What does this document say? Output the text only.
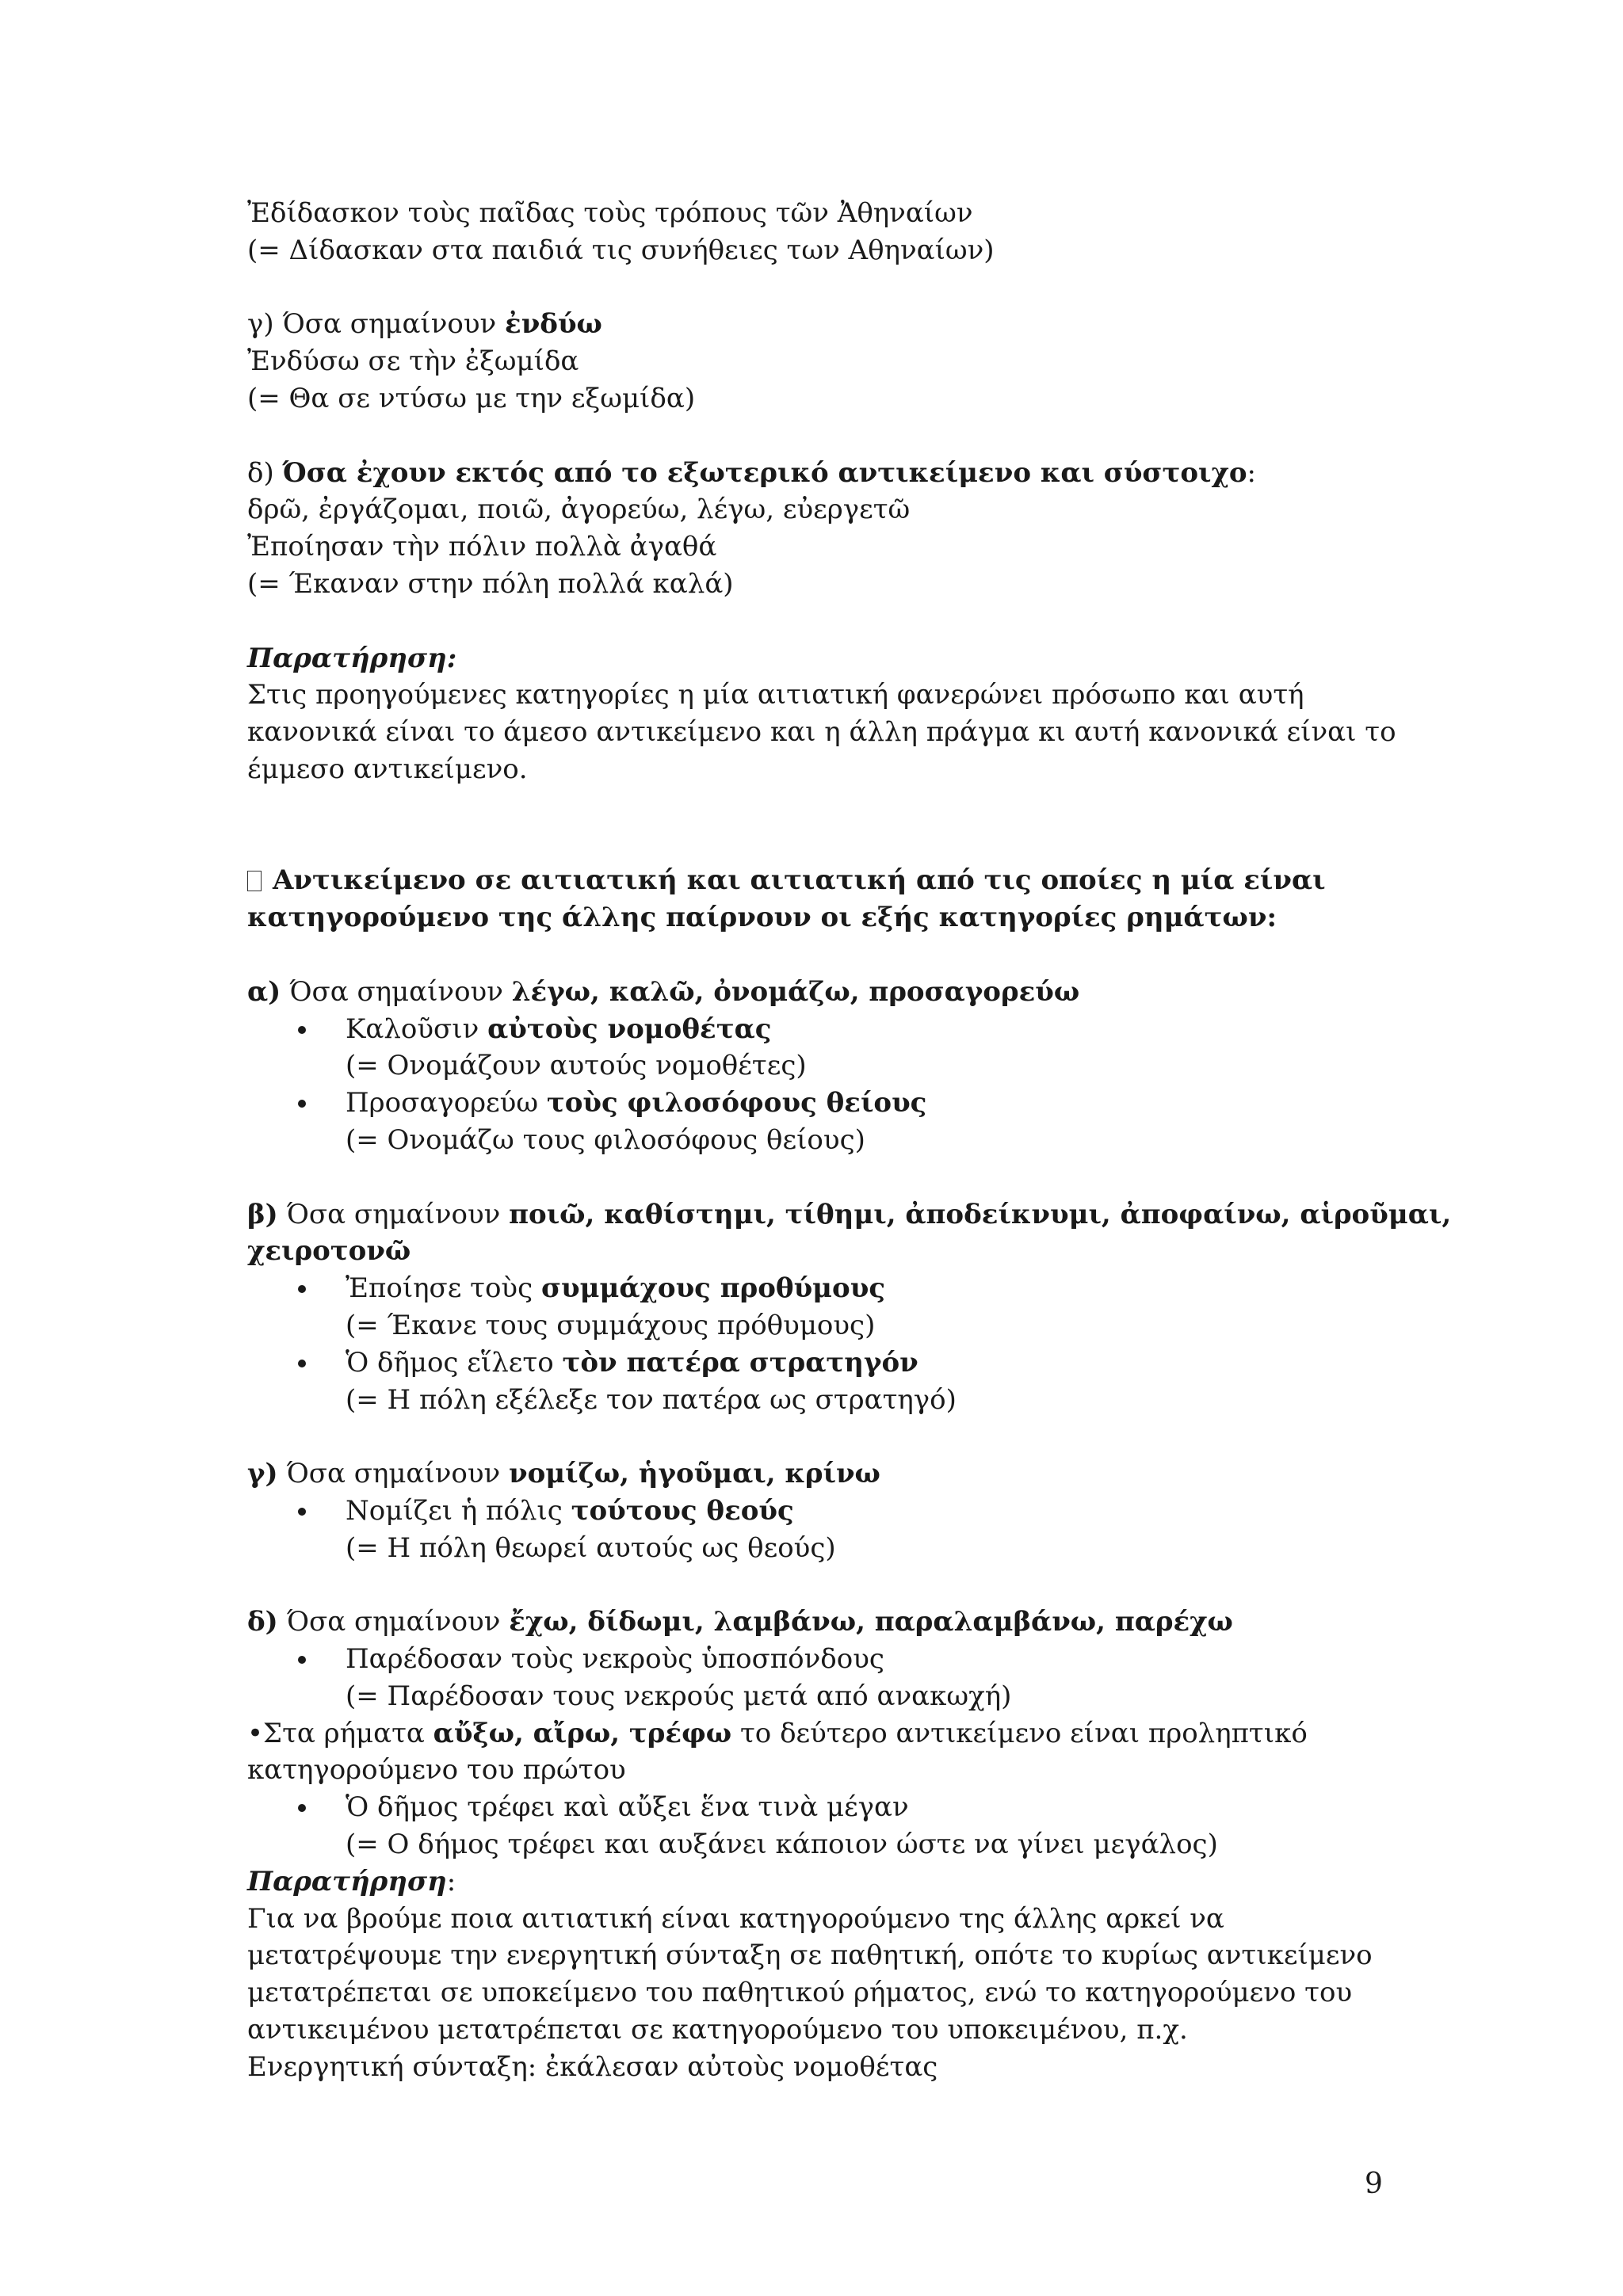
Ἐδίδασκον τοὺς παῖδας τοὺς τρόπους τῶν Ἀθηναίων
(= Δίδασκαν στα παιδιά τις συνήθειες των Αθηναίων)
γ) Όσα σημαίνουν ἐνδύω
Ἐνδύσω σε τὴν ἐξωμίδα
(= Θα σε ντύσω με την εξωμίδα)
δ) Όσα ἐχουν εκτός από το εξωτερικό αντικείμενο και σύστοιχο:
δρῶ, ἐργάζομαι, ποιῶ, ἀγορεύω, λέγω, εὐεργετῶ
Ἐποίησαν τὴν πόλιν πολλὰ ἀγαθά
(= Έκαναν στην πόλη πολλά καλά)
Παρατήρηση:
Στις προηγούμενες κατηγορίες η μία αιτιατική φανερώνει πρόσωπο και αυτή
κανονικά είναι το άμεσο αντικείμενο και η άλλη πράγμα κι αυτή κανονικά είναι το
έμμεσο αντικείμενο.
Αντικείμενο σε αιτιατική και αιτιατική από τις οποίες η μία είναι
κατηγορούμενο της άλλης παίρνουν οι εξής κατηγορίες ρημάτων:
α) Όσα σημαίνουν λέγω, καλῶ, ὀνομάζω, προσαγορεύω
Καλοῦσιν αὐτοὺς νομοθέτας
(= Ονομάζουν αυτούς νομοθέτες)
Προσαγορεύω τοὺς φιλοσόφους θείους
(= Ονομάζω τους φιλοσόφους θείους)
β) Όσα σημαίνουν ποιῶ, καθίστημι, τίθημι, ἀποδείκνυμι, ἀποφαίνω, αἱροῦμαι,
χειροτονῶ
Ἐποίησε τοὺς συμμάχους προθύμους
(= Έκανε τους συμμάχους πρόθυμους)
Ὁ δῆμος εἵλετο τὸν πατέρα στρατηγόν
(= Η πόλη εξέλεξε τον πατέρα ως στρατηγό)
γ) Όσα σημαίνουν νομίζω, ἡγοῦμαι, κρίνω
Νομίζει ἡ πόλις τούτους θεούς
(= Η πόλη θεωρεί αυτούς ως θεούς)
δ) Όσα σημαίνουν ἔχω, δίδωμι, λαμβάνω, παραλαμβάνω, παρέχω
Παρέδοσαν τοὺς νεκροὺς ὑποσπόνδους
(= Παρέδοσαν τους νεκρούς μετά από ανακωχή)
•Στα ρήματα αὔξω, αἴρω, τρέφω το δεύτερο αντικείμενο είναι προληπτικό
κατηγορούμενο του πρώτου
Ὁ δῆμος τρέφει καὶ αὔξει ἕνα τινὰ μέγαν
(= Ο δήμος τρέφει και αυξάνει κάποιον ώστε να γίνει μεγάλος)
Παρατήρηση:
Για να βρούμε ποια αιτιατική είναι κατηγορούμενο της άλλης αρκεί να
μετατρέψουμε την ενεργητική σύνταξη σε παθητική, οπότε το κυρίως αντικείμενο
μετατρέπεται σε υποκείμενο του παθητικού ρήματος, ενώ το κατηγορούμενο του
αντικειμένου μετατρέπεται σε κατηγορούμενο του υποκειμένου, π.χ.
Ενεργητική σύνταξη: ἐκάλεσαν αὐτοὺς νομοθέτας
9
